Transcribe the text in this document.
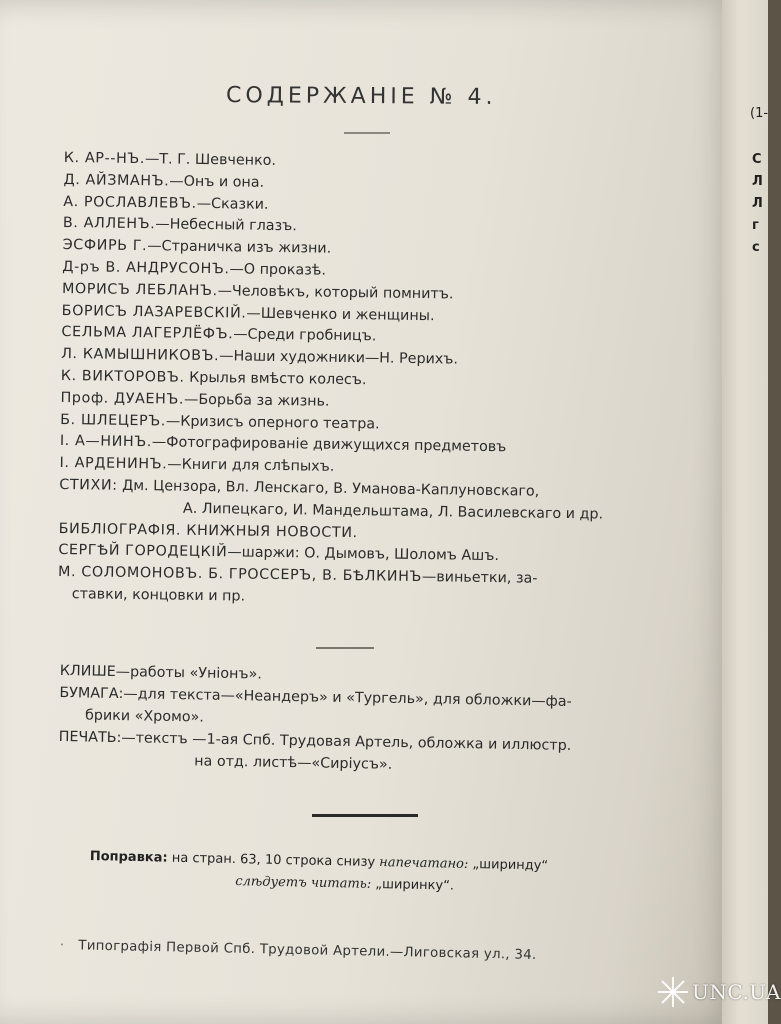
СОДЕРЖАНІЕ № 4.
К. АР--НЪ.—Т. Г. Шевченко.
Д. АЙЗМАНЪ.—Онъ и она.
А. РОСЛАВЛЕВЪ.—Сказки.
В. АЛЛЕНЪ.—Небесный глазъ.
ЭСФИРЬ Г.—Страничка изъ жизни.
Д-ръ В. АНДРУСОНЪ.—О проказѣ.
МОРИСЪ ЛЕБЛАНЪ.—Человѣкъ, который помнитъ.
БОРИСЪ ЛАЗАРЕВСКІЙ.—Шевченко и женщины.
СЕЛЬМА ЛАГЕРЛЁФЪ.—Среди гробницъ.
Л. КАМЫШНИКОВЪ.—Наши художники—Н. Рерихъ.
К. ВИКТОРОВЪ. Крылья вмѣсто колесъ.
Проф. ДУАЕНЪ.—Борьба за жизнь.
Б. ШЛЕЦЕРЪ.—Кризисъ оперного театра.
І. А—НИНЪ.—Фотографированіе движущихся предметовъ
І. АРДЕНИНЪ.—Книги для слѣпыхъ.
СТИХИ: Дм. Цензора, Вл. Ленскаго, В. Уманова-Каплуновскаго,
А. Липецкаго, И. Мандельштама, Л. Василевскаго и др.
БИБЛІОГРАФІЯ. КНИЖНЫЯ НОВОСТИ.
СЕРГѢЙ ГОРОДЕЦКІЙ—шаржи: О. Дымовъ, Шоломъ Ашъ.
М. СОЛОМОНОВЪ. Б. ГРОССЕРЪ, В. БѢЛКИНЪ—виньетки, за-
ставки, концовки и пр.
КЛИШЕ—работы «Уніонъ».
БУМАГА:—для текста—«Неандеръ» и «Тургель», для обложки—фа-
брики «Хромо».
ПЕЧАТЬ:—текстъ —1-ая Спб. Трудовая Артель, обложка и иллюстр.
на отд. листѣ—«Сиріусъ».
Поправка: на стран. 63, 10 строка снизу напечатано: „ширинду“
слѣдуетъ читать: „ширинку“.
· Типографія Первой Спб. Трудовой Артели.—Лиговская ул., 34.
(1-
С
Л
Л
г
с
UNC.UA
